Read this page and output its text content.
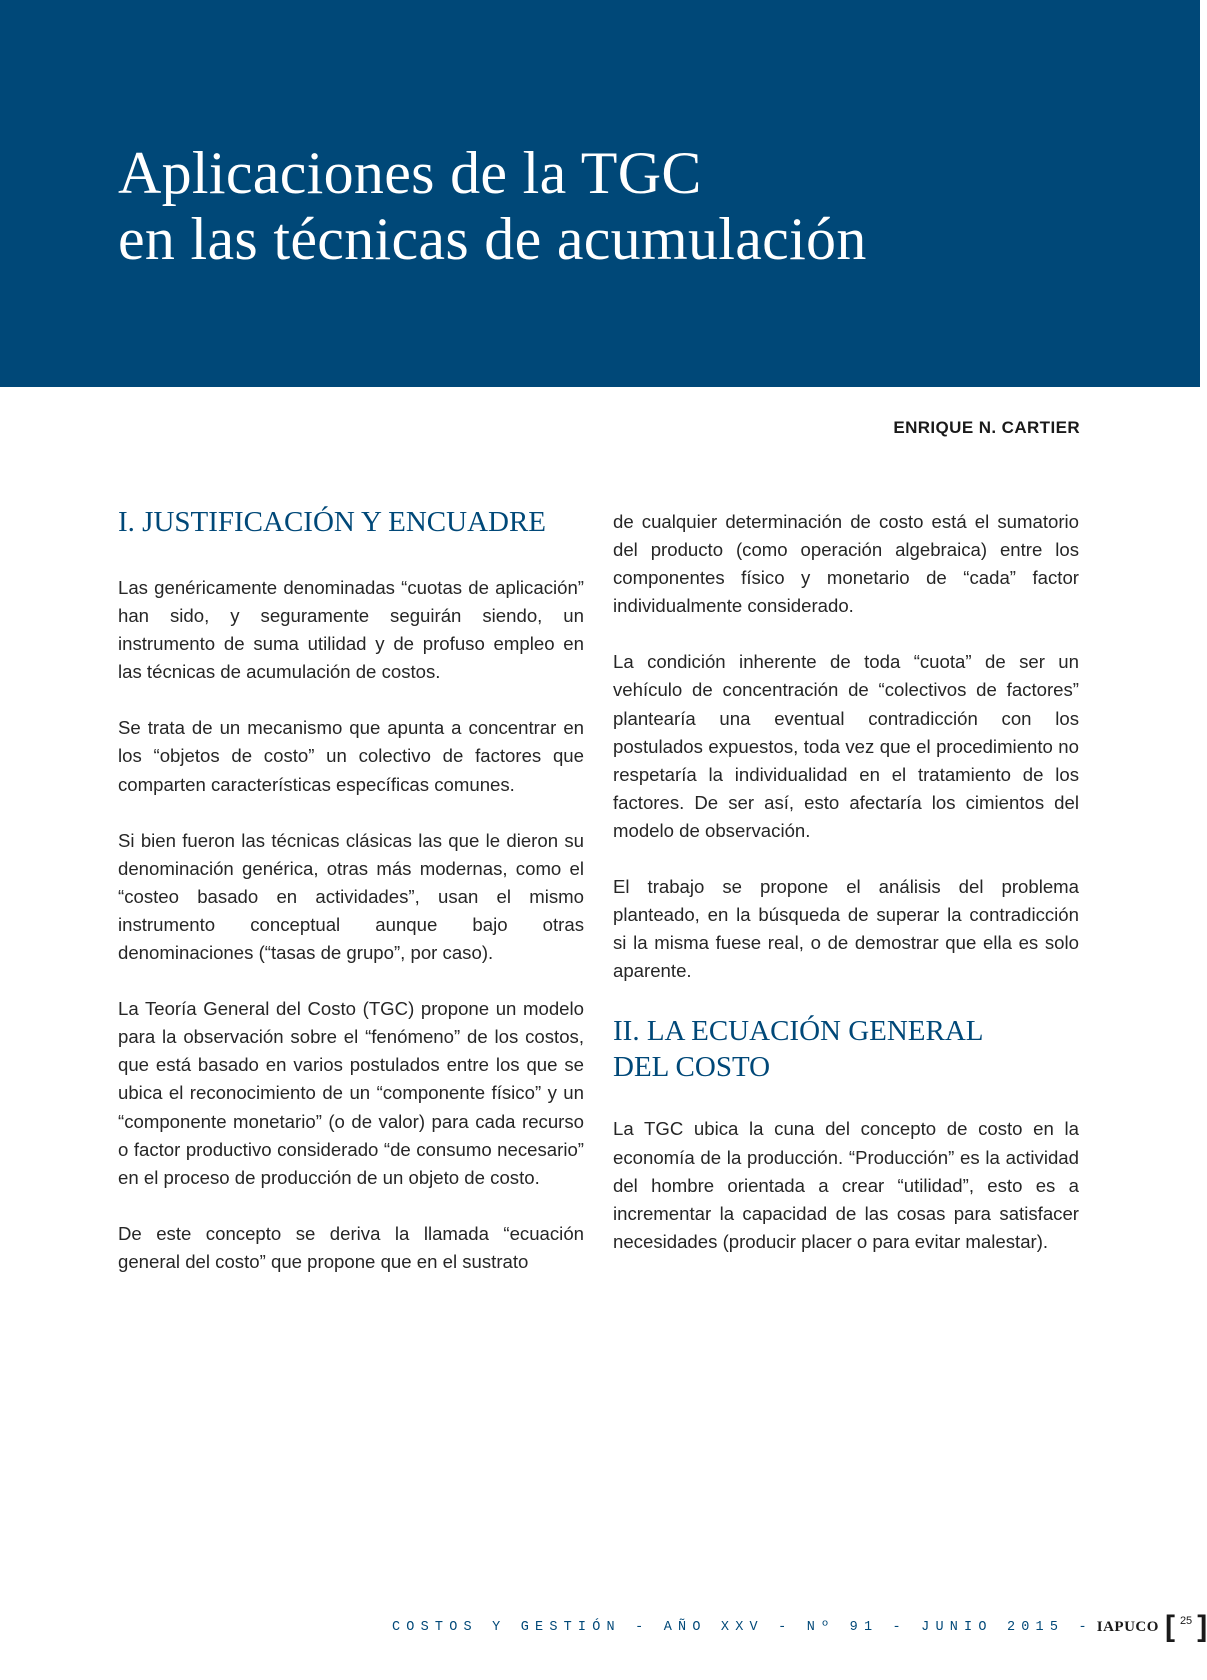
Aplicaciones de la TGC
en las técnicas de acumulación
ENRIQUE N. CARTIER
I. JUSTIFICACIÓN Y ENCUADRE

Las genéricamente denominadas “cuotas de aplicación” han sido, y seguramente seguirán siendo, un instrumento de suma utilidad y de profuso empleo en las técnicas de acumulación de costos.

Se trata de un mecanismo que apunta a concentrar en los “objetos de costo” un colectivo de factores que comparten características específicas comunes.

Si bien fueron las técnicas clásicas las que le dieron su denominación genérica, otras más modernas, como el “costeo basado en actividades”, usan el mismo instrumento conceptual aunque bajo otras denominaciones (“tasas de grupo”, por caso).

La Teoría General del Costo (TGC) propone un modelo para la observación sobre el “fenómeno” de los costos, que está basado en varios postulados entre los que se ubica el reconocimiento de un “componente físico” y un “componente monetario” (o de valor) para cada recurso o factor productivo considerado “de consumo necesario” en el proceso de producción de un objeto de costo.

De este concepto se deriva la llamada “ecuación general del costo” que propone que en el sustrato

de cualquier determinación de costo está el sumatorio del producto (como operación algebraica) entre los componentes físico y monetario de “cada” factor individualmente considerado.

La condición inherente de toda “cuota” de ser un vehículo de concentración de “colectivos de factores” plantearía una eventual contradicción con los postulados expuestos, toda vez que el procedimiento no respetaría la individualidad en el tratamiento de los factores. De ser así, esto afectaría los cimientos del modelo de observación.

El trabajo se propone el análisis del problema planteado, en la búsqueda de superar la contradicción si la misma fuese real, o de demostrar que ella es solo aparente.

II. LA ECUACIÓN GENERAL
DEL COSTO

La TGC ubica la cuna del concepto de costo en la economía de la producción. “Producción” es la actividad del hombre orientada a crear “utilidad”, esto es a incrementar la capacidad de las cosas para satisfacer necesidades (producir placer o para evitar malestar).

COSTOS Y GESTIÓN - AÑO XXV - Nº 91 - JUNIO 2015 - IAPUCO [ 25 ]
